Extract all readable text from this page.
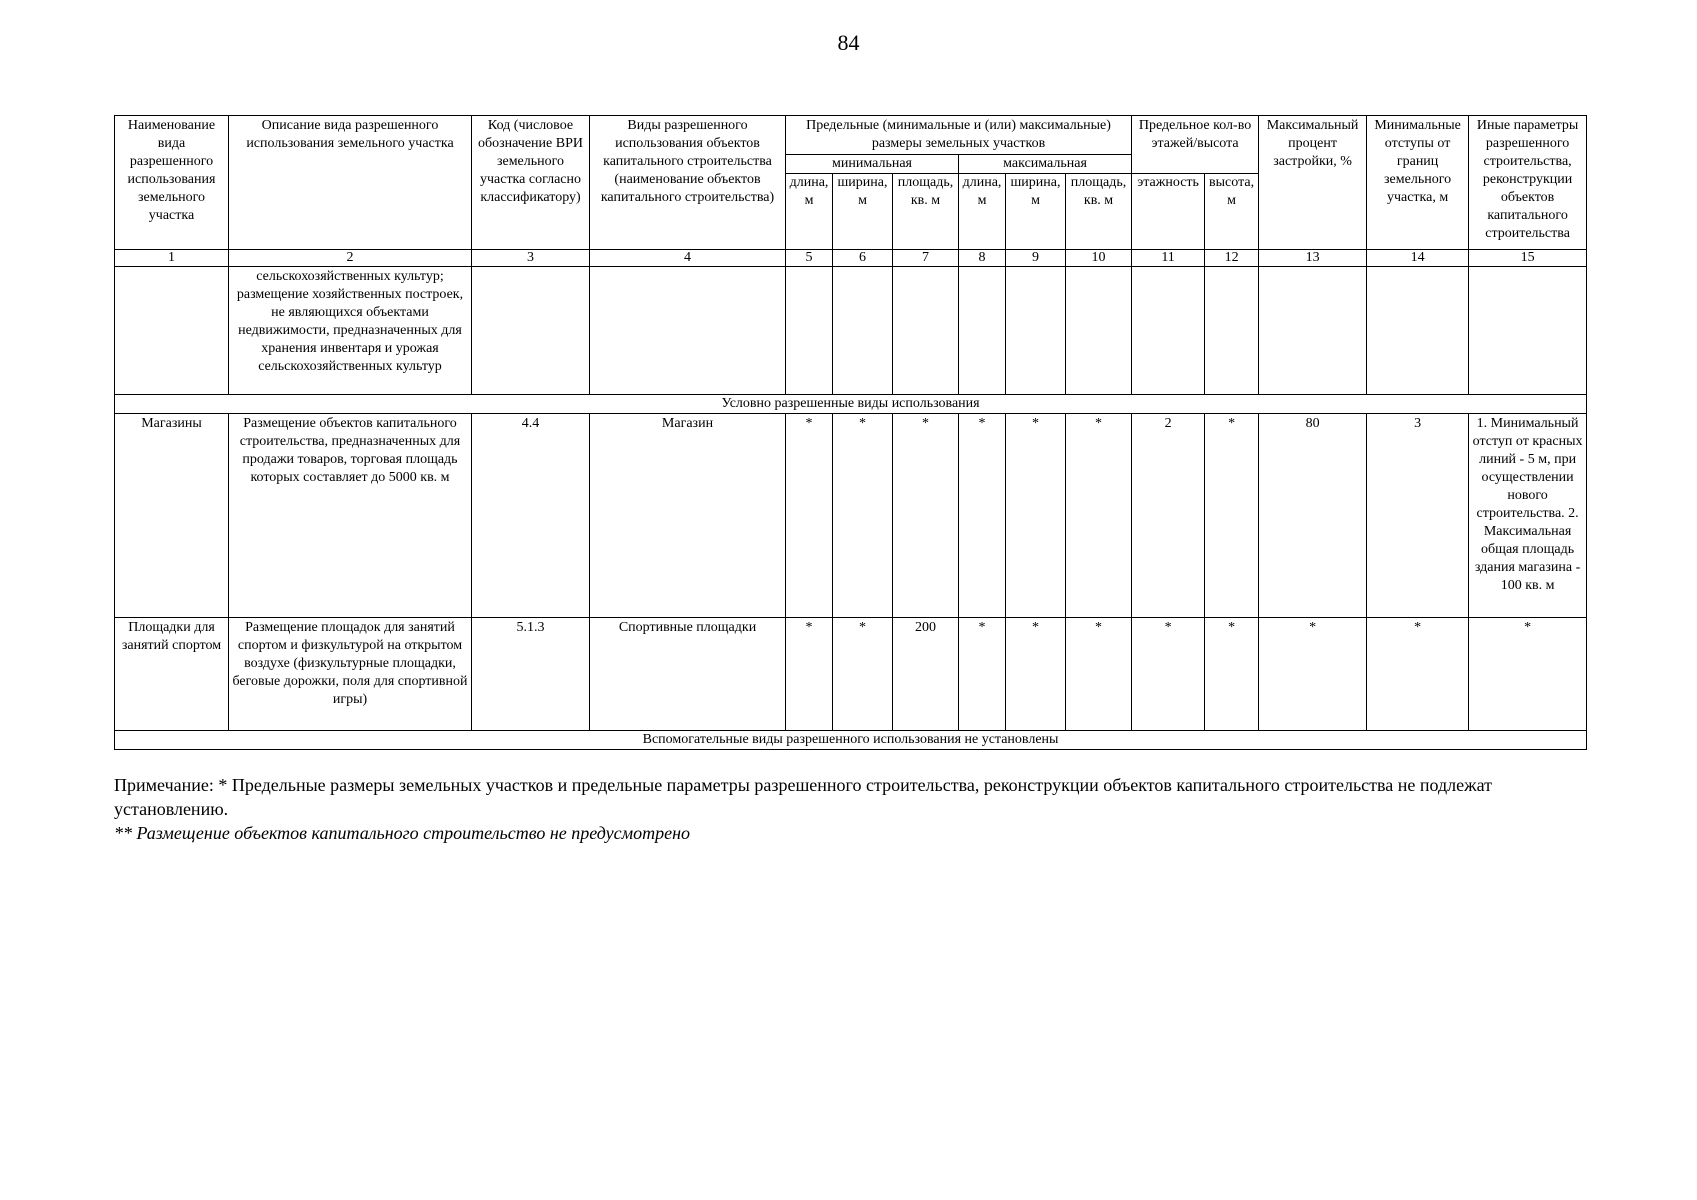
84
Наименование вида разрешенного использования земельного участка	Описание вида разрешенного использования земельного участка	Код (числовое обозначение ВРИ земельного участка согласно классификатору)	Виды разрешенного использования объектов капитального строительства (наименование объектов капитального строительства)	Предельные (минимальные и (или) максимальные) размеры земельных участков						Предельное кол-во этажей/высота		Максимальный процент застройки, %	Минимальные отступы от границ земельного участка, м	Иные параметры разрешенного строительства, реконструкции объектов капитального строительства
				минимальная			максимальная							
				длина, м	ширина, м	площадь, кв. м	длина, м	ширина, м	площадь, кв. м	этажность	высота, м			
1	2	3	4	5	6	7	8	9	10	11	12	13	14	15
	сельскохозяйственных культур; размещение хозяйственных построек, не являющихся объектами недвижимости, предназначенных для хранения инвентаря и урожая сельскохозяйственных культур													
Условно разрешенные виды использования														
Магазины	Размещение объектов капитального строительства, предназначенных для продажи товаров, торговая площадь которых составляет до 5000 кв. м	4.4	Магазин	*	*	*	*	*	*	2	*	80	3	1. Минимальный отступ от красных линий - 5 м, при осуществлении нового строительства. 2. Максимальная общая площадь здания магазина - 100 кв. м
Площадки для занятий спортом	Размещение площадок для занятий спортом и физкультурой на открытом воздухе (физкультурные площадки, беговые дорожки, поля для спортивной игры)	5.1.3	Спортивные площадки	*	*	200	*	*	*	*	*	*	*	*
Вспомогательные виды разрешенного использования не установлены														

Примечание: * Предельные размеры земельных участков и предельные параметры разрешенного строительства, реконструкции объектов капитального строительства не подлежат установлению.

** Размещение объектов капитального строительство не предусмотрено
